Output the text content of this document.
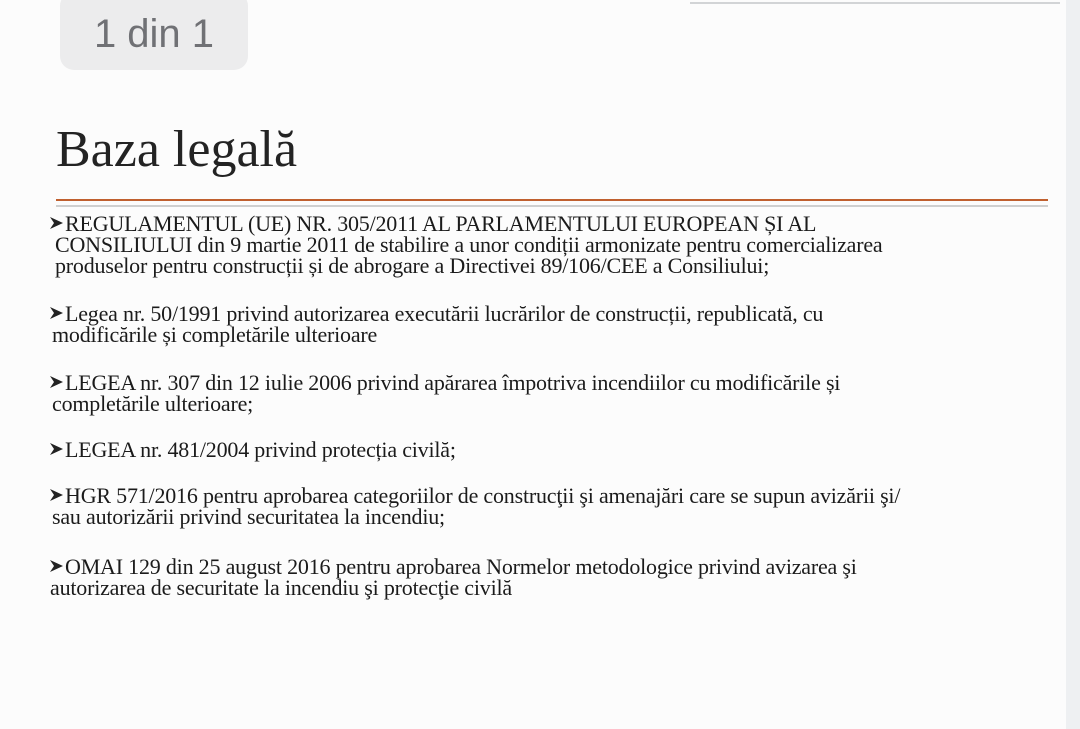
1 din 1
Baza legală
REGULAMENTUL (UE) NR. 305/2011 AL PARLAMENTULUI EUROPEAN ȘI AL
CONSILIULUI din 9 martie 2011 de stabilire a unor condiții armonizate pentru comercializarea
produselor pentru construcții și de abrogare a Directivei 89/106/CEE a Consiliului;
Legea nr. 50/1991 privind autorizarea executării lucrărilor de construcții, republicată, cu
modificările și completările ulterioare
LEGEA nr. 307 din 12 iulie 2006 privind apărarea împotriva incendiilor cu modificările și
completările ulterioare;
LEGEA nr. 481/2004 privind protecția civilă;
HGR 571/2016 pentru aprobarea categoriilor de construcţii şi amenajări care se supun avizării şi/
sau autorizării privind securitatea la incendiu;
OMAI 129 din 25 august 2016 pentru aprobarea Normelor metodologice privind avizarea şi
autorizarea de securitate la incendiu şi protecţie civilă
